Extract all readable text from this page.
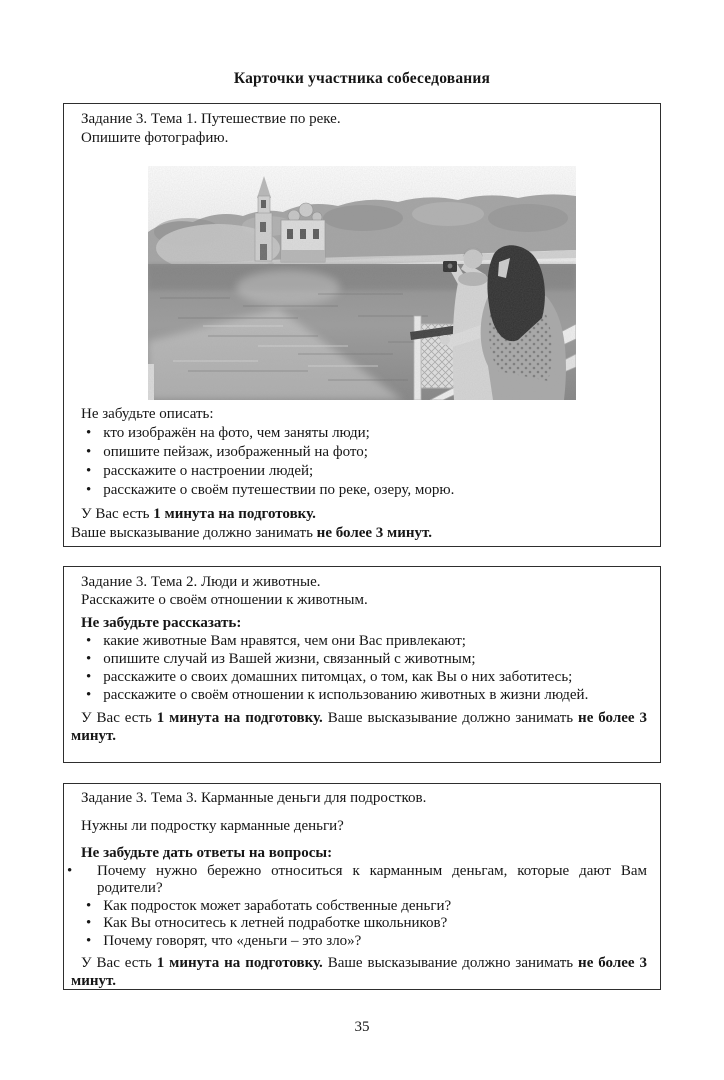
Карточки участника собеседования

Задание 3. Тема 1. Путешествие по реке.

Опишите фотографию.

Не забудьте описать:

• кто изображён на фото, чем заняты люди;
• опишите пейзаж, изображенный на фото;
• расскажите о настроении людей;
• расскажите о своём путешествии по реке, озеру, морю.

У Вас есть 1 минута на подготовку.

Ваше высказывание должно занимать не более 3 минут.

Задание 3. Тема 2. Люди и животные.

Расскажите о своём отношении к животным.

Не забудьте рассказать:

• какие животные Вам нравятся, чем они Вас привлекают;
• опишите случай из Вашей жизни, связанный с животным;
• расскажите о своих домашних питомцах, о том, как Вы о них заботитесь;
• расскажите о своём отношении к использованию животных в жизни людей.

У Вас есть 1 минута на подготовку. Ваше высказывание должно занимать не более 3 минут.

Задание 3. Тема 3. Карманные деньги для подростков.

Нужны ли подростку карманные деньги?

Не забудьте дать ответы на вопросы:

• Почему нужно бережно относиться к карманным деньгам, которые дают Вам родители?
• Как подросток может заработать собственные деньги?
• Как Вы относитесь к летней подработке школьников?
• Почему говорят, что «деньги – это зло»?

У Вас есть 1 минута на подготовку. Ваше высказывание должно занимать не более 3 минут.

35
